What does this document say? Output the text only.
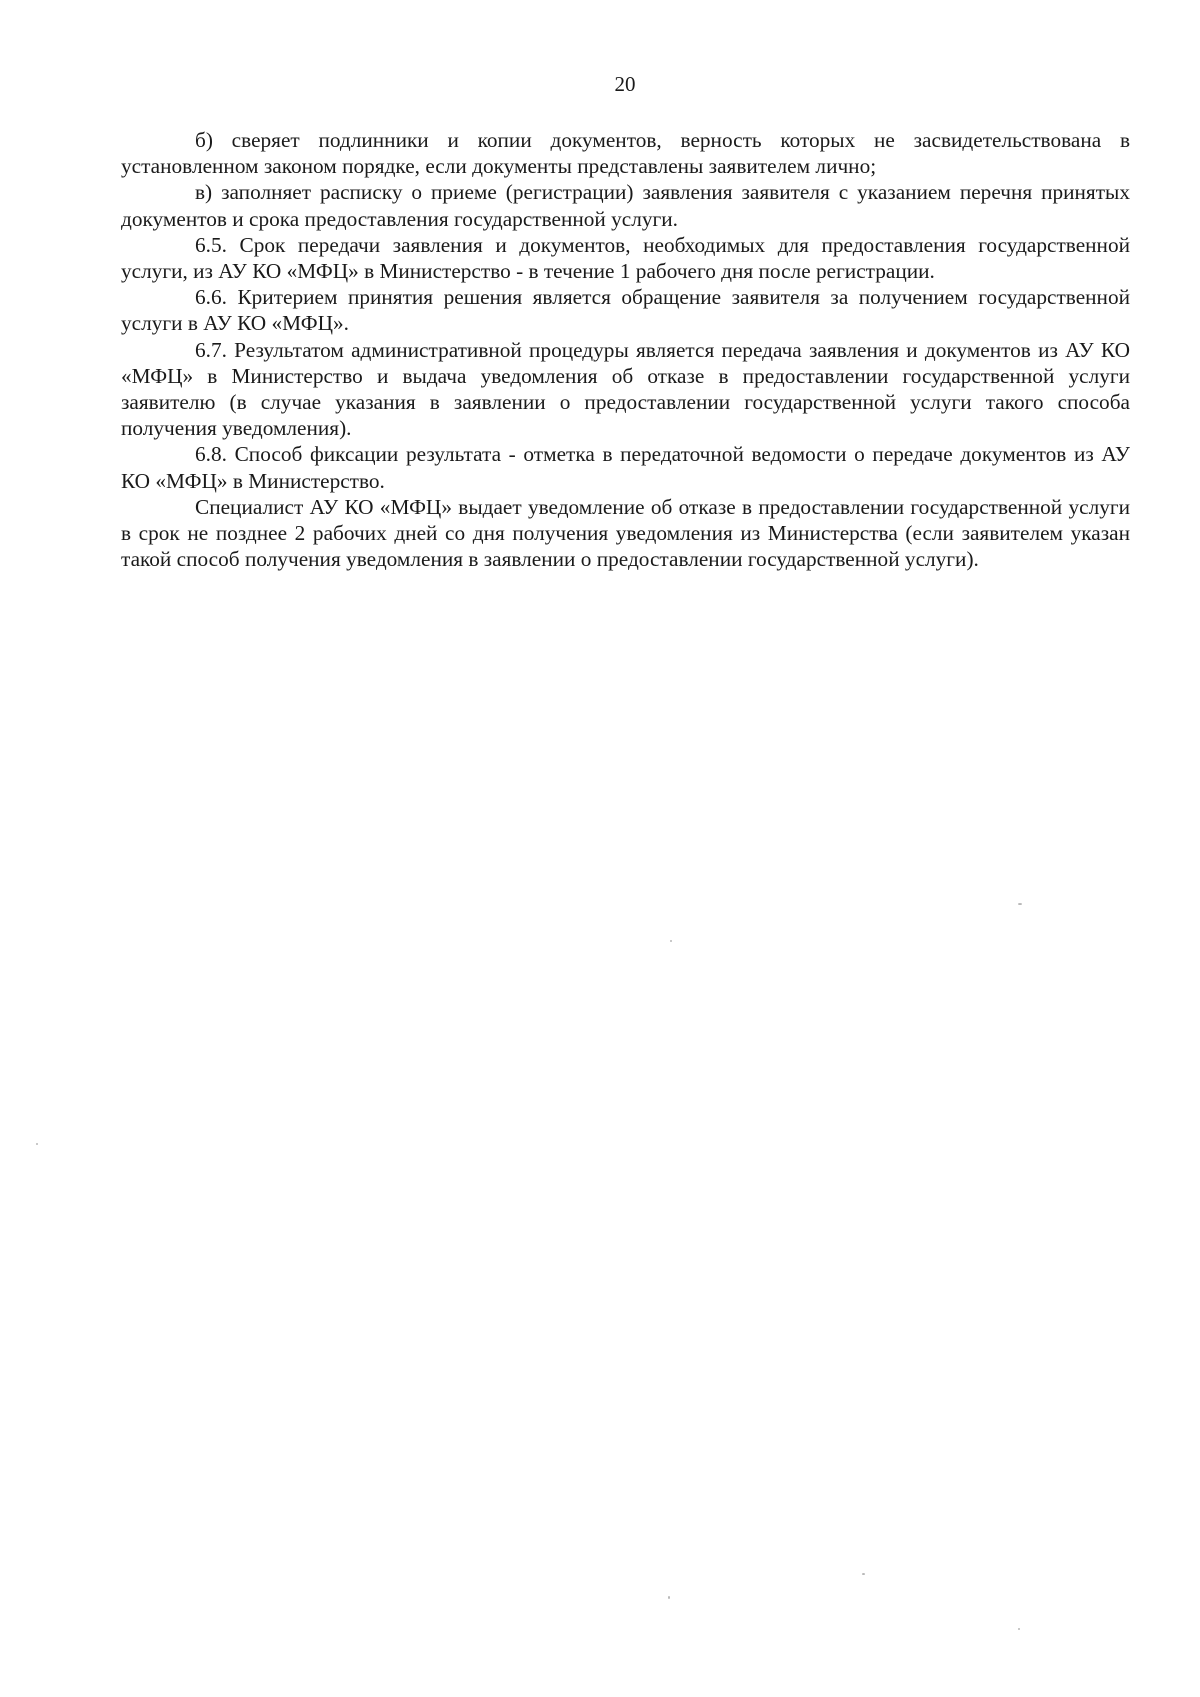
20

б) сверяет подлинники и копии документов, верность которых не засвидетельствована в установленном законом порядке, если документы представлены заявителем лично;

в) заполняет расписку о приеме (регистрации) заявления заявителя с указанием перечня принятых документов и срока предоставления государственной услуги.

6.5. Срок передачи заявления и документов, необходимых для предоставления государственной услуги, из АУ КО «МФЦ» в Министерство - в течение 1 рабочего дня после регистрации.

6.6. Критерием принятия решения является обращение заявителя за получением государственной услуги в АУ КО «МФЦ».

6.7. Результатом административной процедуры является передача заявления и документов из АУ КО «МФЦ» в Министерство и выдача уведомления об отказе в предоставлении государственной услуги заявителю (в случае указания в заявлении о предоставлении государственной услуги такого способа получения уведомления).

6.8. Способ фиксации результата - отметка в передаточной ведомости о передаче документов из АУ КО «МФЦ» в Министерство.

Специалист АУ КО «МФЦ» выдает уведомление об отказе в предоставлении государственной услуги в срок не позднее 2 рабочих дней со дня получения уведомления из Министерства (если заявителем указан такой способ получения уведомления в заявлении о предоставлении государственной услуги).
